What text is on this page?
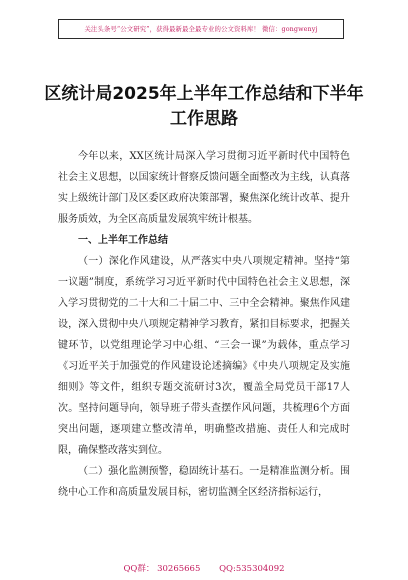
关注头条号“公文研究”，获得最新最全最专业的公文资料库！ 微信：gongwenyj
区统计局2025年上半年工作总结和下半年工作思路

今年以来，XX区统计局深入学习贯彻习近平新时代中国特色社会主义思想，以国家统计督察反馈问题全面整改为主线，认真落实上级统计部门及区委区政府决策部署，聚焦深化统计改革、提升服务质效，为全区高质量发展筑牢统计根基。

一、上半年工作总结

（一）深化作风建设，从严落实中央八项规定精神。坚持“第一议题”制度，系统学习习近平新时代中国特色社会主义思想，深入学习贯彻党的二十大和二十届二中、三中全会精神。聚焦作风建设，深入贯彻中央八项规定精神学习教育，紧扣目标要求，把握关键环节，以党组理论学习中心组、“三会一课”为载体，重点学习《习近平关于加强党的作风建设论述摘编》《中央八项规定及实施细则》等文件，组织专题交流研讨3次，覆盖全局党员干部17人次。坚持问题导向，领导班子带头查摆作风问题，共梳理6个方面突出问题，逐项建立整改清单，明确整改措施、责任人和完成时限，确保整改落实到位。

（二）强化监测预警，稳固统计基石。一是精准监测分析。围绕中心工作和高质量发展目标，密切监测全区经济指标运行，

QQ群： 30265665 QQ:535304092
